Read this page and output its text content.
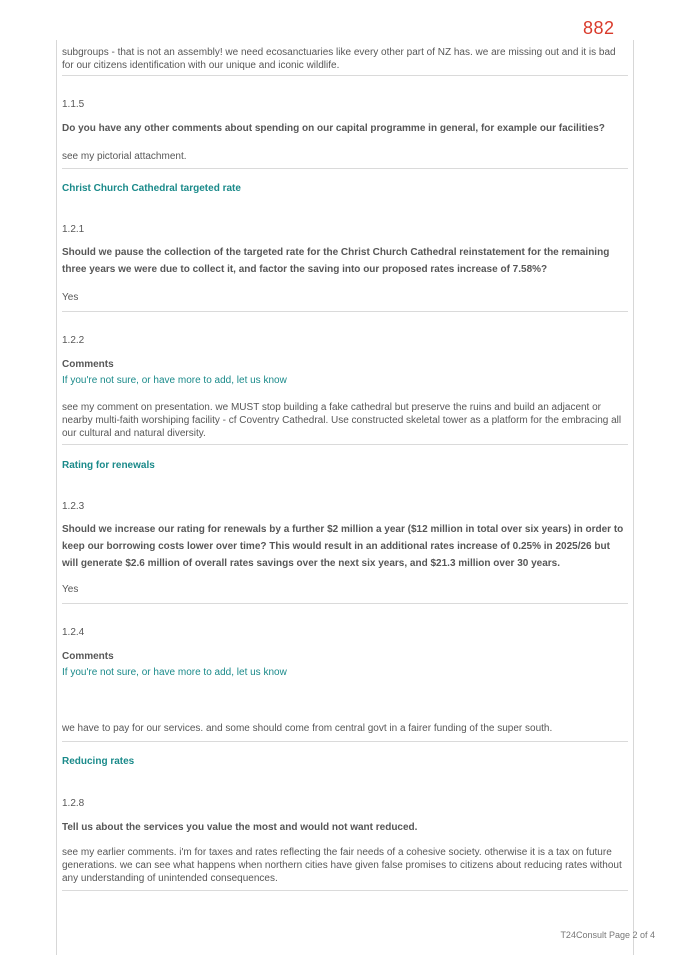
882
subgroups - that is not an assembly! we need ecosanctuaries like every other part of NZ has. we are missing out and it is bad for our citizens identification with our unique and iconic wildlife.
1.1.5
Do you have any other comments about spending on our capital programme in general, for example our facilities?
see my pictorial attachment.
Christ Church Cathedral targeted rate
1.2.1
Should we pause the collection of the targeted rate for the Christ Church Cathedral reinstatement for the remaining three years we were due to collect it, and factor the saving into our proposed rates increase of 7.58%?
Yes
1.2.2
Comments
If you're not sure, or have more to add, let us know
see my comment on presentation. we MUST stop building a fake cathedral but preserve the ruins and build an adjacent or nearby multi-faith worshiping facility - cf Coventry Cathedral. Use constructed skeletal tower as a platform for the embracing all our cultural and natural diversity.
Rating for renewals
1.2.3
Should we increase our rating for renewals by a further $2 million a year ($12 million in total over six years) in order to keep our borrowing costs lower over time? This would result in an additional rates increase of 0.25% in 2025/26 but will generate $2.6 million of overall rates savings over the next six years, and $21.3 million over 30 years.
Yes
1.2.4
Comments
If you're not sure, or have more to add, let us know
we have to pay for our services. and some should come from central govt in a fairer funding of the super south.
Reducing rates
1.2.8
Tell us about the services you value the most and would not want reduced.
see my earlier comments. i'm for taxes and rates reflecting the fair needs of a cohesive society. otherwise it is a tax on future generations. we can see what happens when northern cities have given false promises to citizens about reducing rates without any understanding of unintended consequences.
T24Consult Page 2 of 4
